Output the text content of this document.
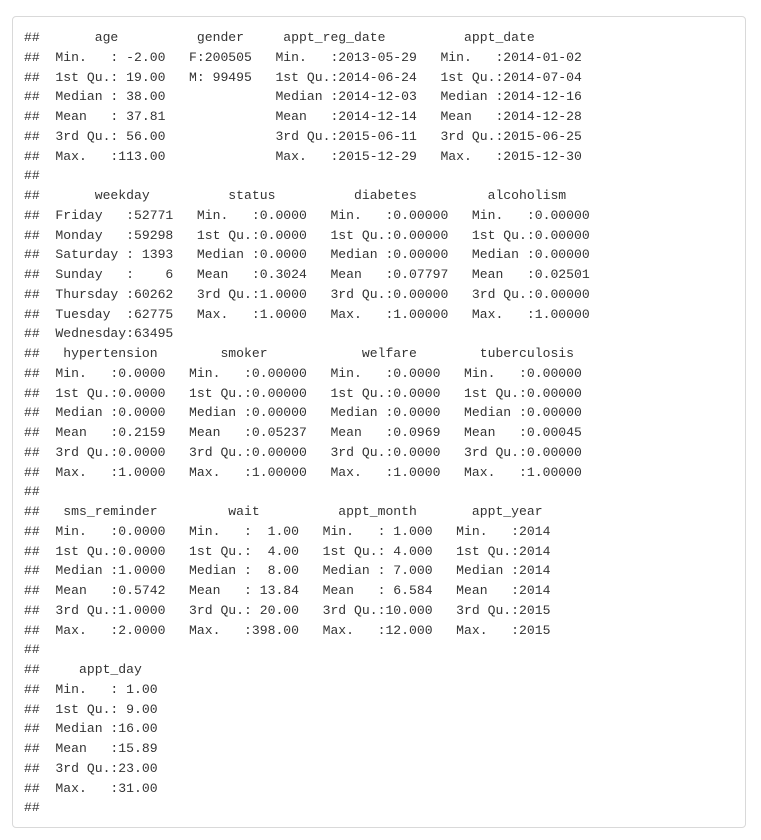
##       age          gender     appt_reg_date          appt_date
##  Min.   : -2.00   F:200505   Min.   :2013-05-29   Min.   :2014-01-02
##  1st Qu.: 19.00   M: 99495   1st Qu.:2014-06-24   1st Qu.:2014-07-04
##  Median : 38.00              Median :2014-12-03   Median :2014-12-16
##  Mean   : 37.81              Mean   :2014-12-14   Mean   :2014-12-28
##  3rd Qu.: 56.00              3rd Qu.:2015-06-11   3rd Qu.:2015-06-25
##  Max.   :113.00              Max.   :2015-12-29   Max.   :2015-12-30
##
##       weekday          status          diabetes         alcoholism
##  Friday   :52771   Min.   :0.0000   Min.   :0.00000   Min.   :0.00000
##  Monday   :59298   1st Qu.:0.0000   1st Qu.:0.00000   1st Qu.:0.00000
##  Saturday : 1393   Median :0.0000   Median :0.00000   Median :0.00000
##  Sunday   :    6   Mean   :0.3024   Mean   :0.07797   Mean   :0.02501
##  Thursday :60262   3rd Qu.:1.0000   3rd Qu.:0.00000   3rd Qu.:0.00000
##  Tuesday  :62775   Max.   :1.0000   Max.   :1.00000   Max.   :1.00000
##  Wednesday:63495
##   hypertension        smoker            welfare        tuberculosis
##  Min.   :0.0000   Min.   :0.00000   Min.   :0.0000   Min.   :0.00000
##  1st Qu.:0.0000   1st Qu.:0.00000   1st Qu.:0.0000   1st Qu.:0.00000
##  Median :0.0000   Median :0.00000   Median :0.0000   Median :0.00000
##  Mean   :0.2159   Mean   :0.05237   Mean   :0.0969   Mean   :0.00045
##  3rd Qu.:0.0000   3rd Qu.:0.00000   3rd Qu.:0.0000   3rd Qu.:0.00000
##  Max.   :1.0000   Max.   :1.00000   Max.   :1.0000   Max.   :1.00000
##
##   sms_reminder         wait          appt_month       appt_year
##  Min.   :0.0000   Min.   :  1.00   Min.   : 1.000   Min.   :2014
##  1st Qu.:0.0000   1st Qu.:  4.00   1st Qu.: 4.000   1st Qu.:2014
##  Median :1.0000   Median :  8.00   Median : 7.000   Median :2014
##  Mean   :0.5742   Mean   : 13.84   Mean   : 6.584   Mean   :2014
##  3rd Qu.:1.0000   3rd Qu.: 20.00   3rd Qu.:10.000   3rd Qu.:2015
##  Max.   :2.0000   Max.   :398.00   Max.   :12.000   Max.   :2015
##
##     appt_day
##  Min.   : 1.00
##  1st Qu.: 9.00
##  Median :16.00
##  Mean   :15.89
##  3rd Qu.:23.00
##  Max.   :31.00
##
